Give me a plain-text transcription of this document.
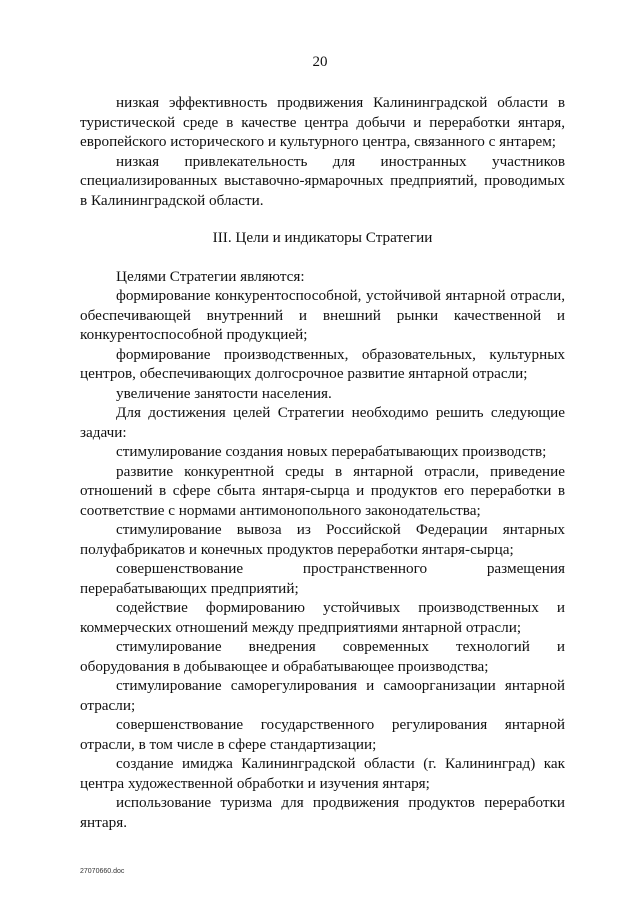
20

низкая эффективность продвижения Калининградской области в туристической среде в качестве центра добычи и переработки янтаря, европейского исторического и культурного центра, связанного с янтарем;

низкая привлекательность для иностранных участников специализированных выставочно-ярмарочных предприятий, проводимых в Калининградской области.

III. Цели и индикаторы Стратегии

Целями Стратегии являются:

формирование конкурентоспособной, устойчивой янтарной отрасли, обеспечивающей внутренний и внешний рынки качественной и конкурентоспособной продукцией;

формирование производственных, образовательных, культурных центров, обеспечивающих долгосрочное развитие янтарной отрасли;

увеличение занятости населения.

Для достижения целей Стратегии необходимо решить следующие задачи:

стимулирование создания новых перерабатывающих производств;

развитие конкурентной среды в янтарной отрасли, приведение отношений в сфере сбыта янтаря-сырца и продуктов его переработки в соответствие с нормами антимонопольного законодательства;

стимулирование вывоза из Российской Федерации янтарных полуфабрикатов и конечных продуктов переработки янтаря-сырца;

совершенствование пространственного размещения перерабатывающих предприятий;

содействие формированию устойчивых производственных и коммерческих отношений между предприятиями янтарной отрасли;

стимулирование внедрения современных технологий и оборудования в добывающее и обрабатывающее производства;

стимулирование саморегулирования и самоорганизации янтарной отрасли;

совершенствование государственного регулирования янтарной отрасли, в том числе в сфере стандартизации;

создание имиджа Калининградской области (г. Калининград) как центра художественной обработки и изучения янтаря;

использование туризма для продвижения продуктов переработки янтаря.

27070660.doc
